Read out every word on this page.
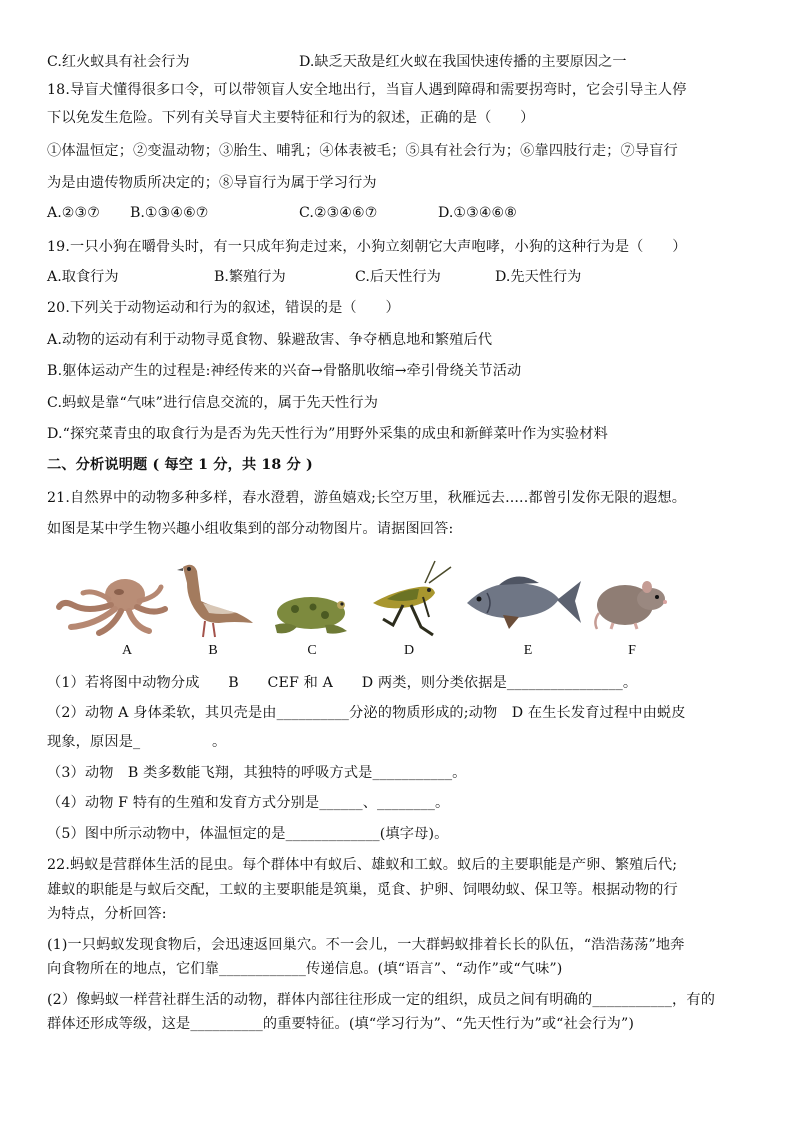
C.红火蚁具有社会行为	D.缺乏天敌是红火蚁在我国快速传播的主要原因之一
18.导盲犬懂得很多口令，可以带领盲人安全地出行，当盲人遇到障碍和需要拐弯时，它会引导主人停
下以免发生危险。下列有关导盲犬主要特征和行为的叙述，正确的是（　　）
①体温恒定；②变温动物；③胎生、哺乳；④体表被毛；⑤具有社会行为；⑥靠四肢行走；⑦导盲行
为是由遗传物质所决定的；⑧导盲行为属于学习行为
A.②③⑦ B.①③④⑥⑦	C.②③④⑥⑦	D.①③④⑥⑧
19.一只小狗在嚼骨头时，有一只成年狗走过来，小狗立刻朝它大声咆哮，小狗的这种行为是（　　）
A.取食行为	B.繁殖行为	C.后天性行为	D.先天性行为
20.下列关于动物运动和行为的叙述，错误的是（　　）
A.动物的运动有利于动物寻觅食物、躲避敌害、争夺栖息地和繁殖后代
B.躯体运动产生的过程是:神经传来的兴奋→骨骼肌收缩→牵引骨绕关节活动
C.蚂蚁是靠“气味”进行信息交流的，属于先天性行为
D.“探究菜青虫的取食行为是否为先天性行为”用野外采集的成虫和新鲜菜叶作为实验材料
二、分析说明题 ( 每空 1 分，共 18 分 )
21.自然界中的动物多种多样，春水澄碧，游鱼嬉戏;长空万里，秋雁远去.....都曾引发你无限的遐想。
如图是某中学生物兴趣小组收集到的部分动物图片。请据图回答:
A	B	C	D	E	F
（1）若将图中动物分成　　B　　CEF 和 A　　D 两类，则分类依据是________________。
（2）动物 A 身体柔软，其贝壳是由__________分泌的物质形成的;动物　D 在生长发育过程中由蜕皮
现象，原因是_　　　　　。
（3）动物　B 类多数能飞翔，其独特的呼吸方式是___________。
（4）动物 F 特有的生殖和发育方式分别是______、________。
（5）图中所示动物中，体温恒定的是_____________(填字母)。
22.蚂蚁是营群体生活的昆虫。每个群体中有蚁后、雄蚁和工蚁。蚁后的主要职能是产卵、繁殖后代;
雄蚁的职能是与蚁后交配，工蚁的主要职能是筑巢，觅食、护卵、饲喂幼蚁、保卫等。根据动物的行
为特点，分析回答:
(1)一只蚂蚁发现食物后，会迅速返回巢穴。不一会儿，一大群蚂蚁排着长长的队伍，“浩浩荡荡”地奔
向食物所在的地点，它们靠____________传递信息。(填“语言”、“动作”或“气味”)
(2）像蚂蚁一样营社群生活的动物，群体内部往往形成一定的组织，成员之间有明确的___________，有的
群体还形成等级，这是__________的重要特征。(填“学习行为”、“先天性行为”或“社会行为”)
